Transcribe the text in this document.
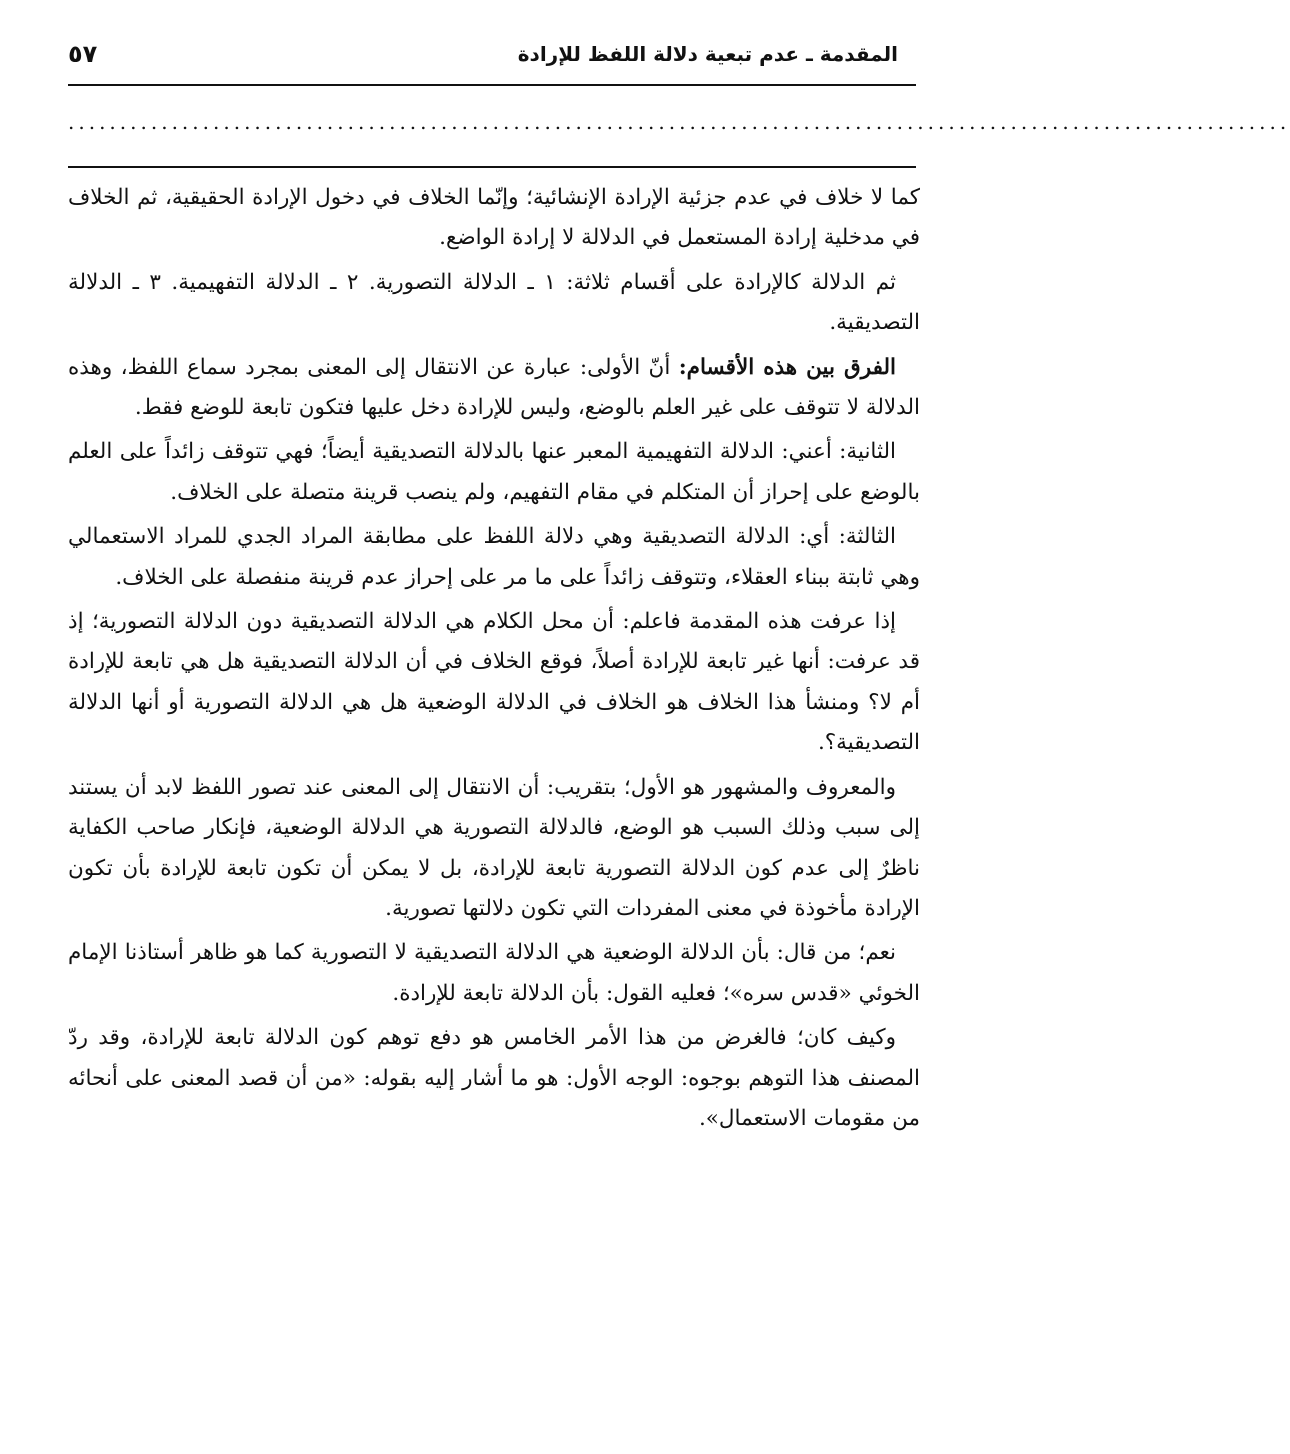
٥٧	المقدمة ـ عدم تبعية دلالة اللفظ للإرادة
......................................................................................................................

كما لا خلاف في عدم جزئية الإرادة الإنشائية؛ وإنّما الخلاف في دخول الإرادة الحقيقية، ثم الخلاف في مدخلية إرادة المستعمل في الدلالة لا إرادة الواضع.

ثم الدلالة كالإرادة على أقسام ثلاثة: ١ ـ الدلالة التصورية. ٢ ـ الدلالة التفهيمية. ٣ ـ الدلالة التصديقية.

الفرق بين هذه الأقسام: أنّ الأولى: عبارة عن الانتقال إلى المعنى بمجرد سماع اللفظ، وهذه الدلالة لا تتوقف على غير العلم بالوضع، وليس للإرادة دخل عليها فتكون تابعة للوضع فقط.

الثانية: أعني: الدلالة التفهيمية المعبر عنها بالدلالة التصديقية أيضاً؛ فهي تتوقف زائداً على العلم بالوضع على إحراز أن المتكلم في مقام التفهيم، ولم ينصب قرينة متصلة على الخلاف.

الثالثة: أي: الدلالة التصديقية وهي دلالة اللفظ على مطابقة المراد الجدي للمراد الاستعمالي وهي ثابتة ببناء العقلاء، وتتوقف زائداً على ما مر على إحراز عدم قرينة منفصلة على الخلاف.

إذا عرفت هذه المقدمة فاعلم: أن محل الكلام هي الدلالة التصديقية دون الدلالة التصورية؛ إذ قد عرفت: أنها غير تابعة للإرادة أصلاً، فوقع الخلاف في أن الدلالة التصديقية هل هي تابعة للإرادة أم لا؟ ومنشأ هذا الخلاف هو الخلاف في الدلالة الوضعية هل هي الدلالة التصورية أو أنها الدلالة التصديقية؟.

والمعروف والمشهور هو الأول؛ بتقريب: أن الانتقال إلى المعنى عند تصور اللفظ لابد أن يستند إلى سبب وذلك السبب هو الوضع، فالدلالة التصورية هي الدلالة الوضعية، فإنكار صاحب الكفاية ناظرٌ إلى عدم كون الدلالة التصورية تابعة للإرادة، بل لا يمكن أن تكون تابعة للإرادة بأن تكون الإرادة مأخوذة في معنى المفردات التي تكون دلالتها تصورية.

نعم؛ من قال: بأن الدلالة الوضعية هي الدلالة التصديقية لا التصورية كما هو ظاهر أستاذنا الإمام الخوئي «قدس سره»؛ فعليه القول: بأن الدلالة تابعة للإرادة.

وكيف كان؛ فالغرض من هذا الأمر الخامس هو دفع توهم كون الدلالة تابعة للإرادة، وقد ردّ المصنف هذا التوهم بوجوه: الوجه الأول: هو ما أشار إليه بقوله: «من أن قصد المعنى على أنحائه من مقومات الاستعمال».
